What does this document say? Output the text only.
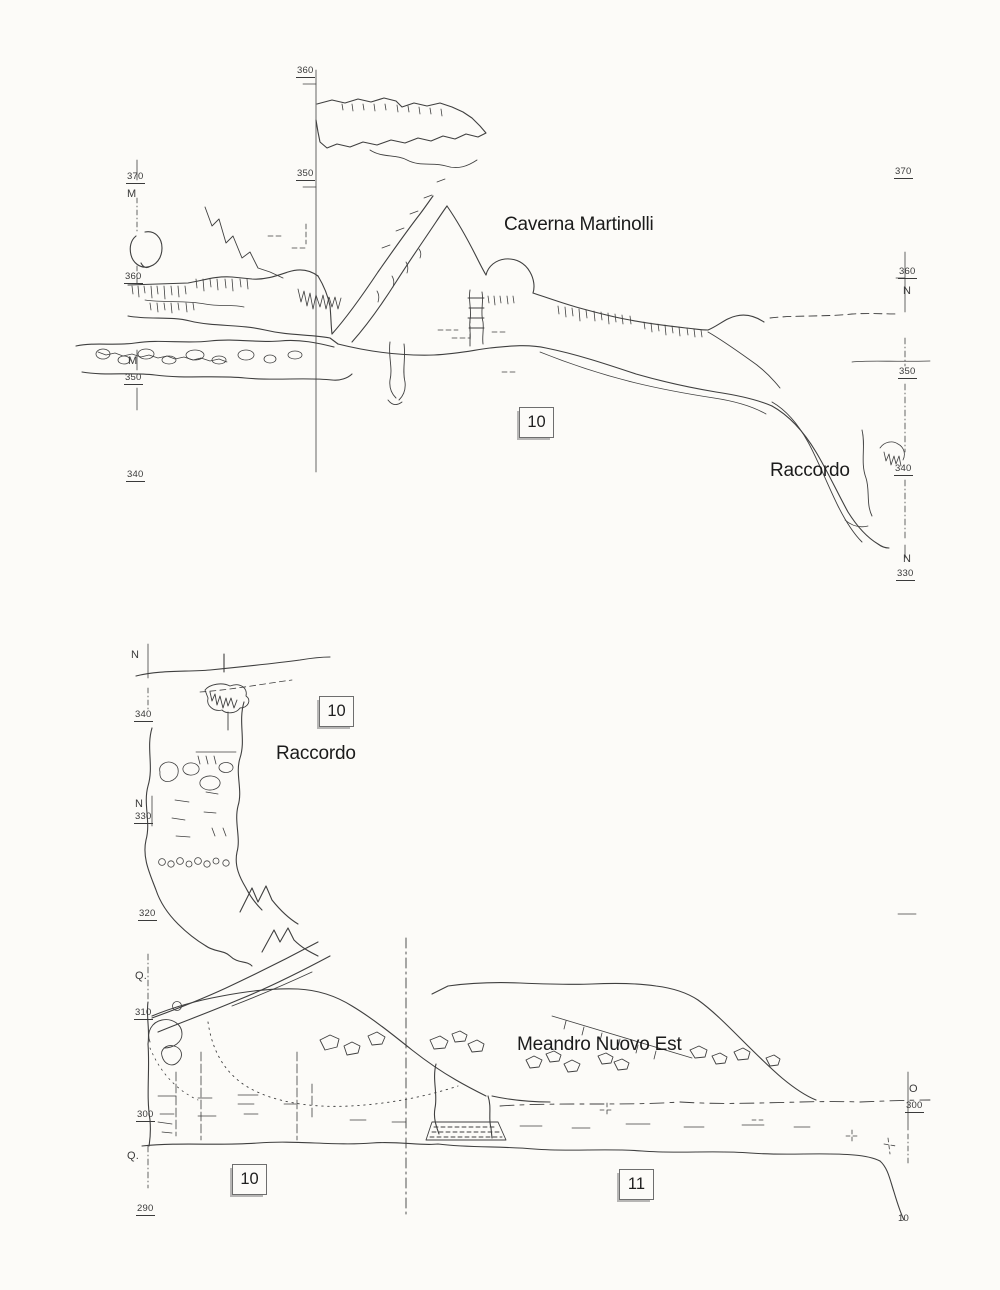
360
350
370
M
360
M
350
340
370
360
N
350
340
N
330
Caverna Martinolli
Raccordo
10
N
340	10
Raccordo
N
330
320
Q.
310
Meandro Nuovo Est
300
O
300
Q.
10
290
11
10
